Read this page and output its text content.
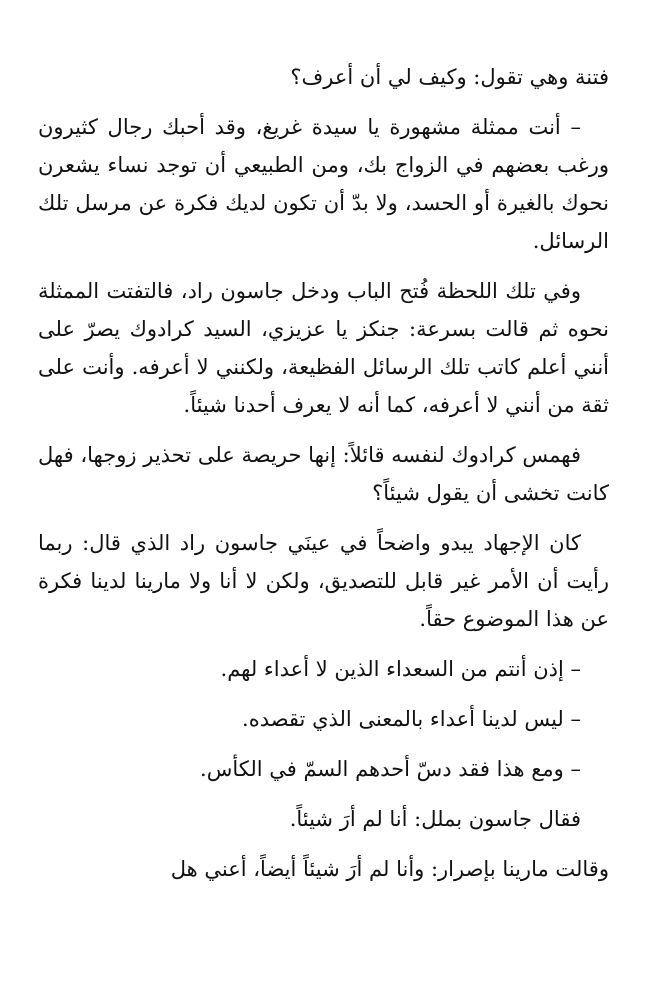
فتنة وهي تقول: وكيف لي أن أعرف؟

– أنت ممثلة مشهورة يا سيدة غريغ، وقد أحبك رجال كثيرون ورغب بعضهم في الزواج بك، ومن الطبيعي أن توجد نساء يشعرن نحوك بالغيرة أو الحسد، ولا بدّ أن تكون لديك فكرة عن مرسل تلك الرسائل.

وفي تلك اللحظة فُتح الباب ودخل جاسون راد، فالتفتت الممثلة نحوه ثم قالت بسرعة: جنكز يا عزيزي، السيد كرادوك يصرّ على أنني أعلم كاتب تلك الرسائل الفظيعة، ولكنني لا أعرفه. وأنت على ثقة من أنني لا أعرفه، كما أنه لا يعرف أحدنا شيئاً.

فهمس كرادوك لنفسه قائلاً: إنها حريصة على تحذير زوجها، فهل كانت تخشى أن يقول شيئاً؟

كان الإجهاد يبدو واضحاً في عينَي جاسون راد الذي قال: ربما رأيت أن الأمر غير قابل للتصديق، ولكن لا أنا ولا مارينا لدينا فكرة عن هذا الموضوع حقاً.

– إذن أنتم من السعداء الذين لا أعداء لهم.

– ليس لدينا أعداء بالمعنى الذي تقصده.

– ومع هذا فقد دسّ أحدهم السمّ في الكأس.

فقال جاسون بملل: أنا لم أرَ شيئاً.

وقالت مارينا بإصرار: وأنا لم أرَ شيئاً أيضاً، أعني هل
